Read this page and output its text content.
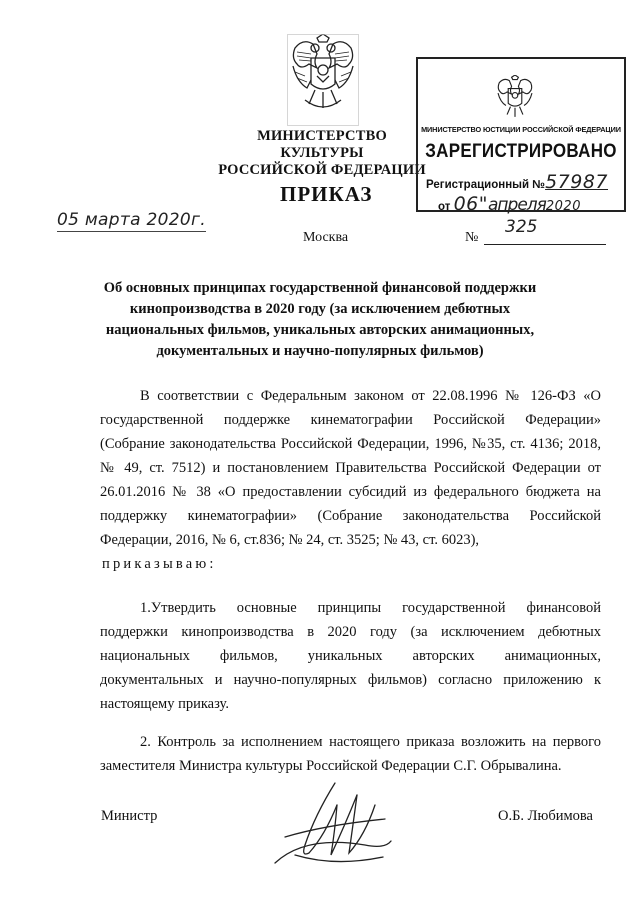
МИНИСТЕРСТВО КУЛЬТУРЫ
РОССИЙСКОЙ ФЕДЕРАЦИИ
МИНИСТЕРСТВО ЮСТИЦИИ РОССИЙСКОЙ ФЕДЕРАЦИИ
ЗАРЕГИСТРИРОВАНО
Регистрационный №57987
от 06"апреля2020
ПРИКАЗ
05 марта 2020г.
Москва	№
325
Об основных принципах государственной финансовой поддержки кинопроизводства в 2020 году (за исключением дебютных национальных фильмов, уникальных авторских анимационных, документальных и научно-популярных фильмов)

В соответствии с Федеральным законом от 22.08.1996 № 126-ФЗ «О государственной поддержке кинематографии Российской Федерации» (Собрание законодательства Российской Федерации, 1996, №35, ст. 4136; 2018, № 49, ст. 7512) и постановлением Правительства Российской Федерации от 26.01.2016 № 38 «О предоставлении субсидий из федерального бюджета на поддержку кинематографии» (Собрание законодательства Российской Федерации, 2016, № 6, ст.836; № 24, ст. 3525; № 43, ст. 6023),

приказываю:

1.Утвердить основные принципы государственной финансовой поддержки кинопроизводства в 2020 году (за исключением дебютных национальных фильмов, уникальных авторских анимационных, документальных и научно-популярных фильмов) согласно приложению к настоящему приказу.

2. Контроль за исполнением настоящего приказа возложить на первого заместителя Министра культуры Российской Федерации С.Г. Обрывалина.

Министр	О.Б. Любимова
